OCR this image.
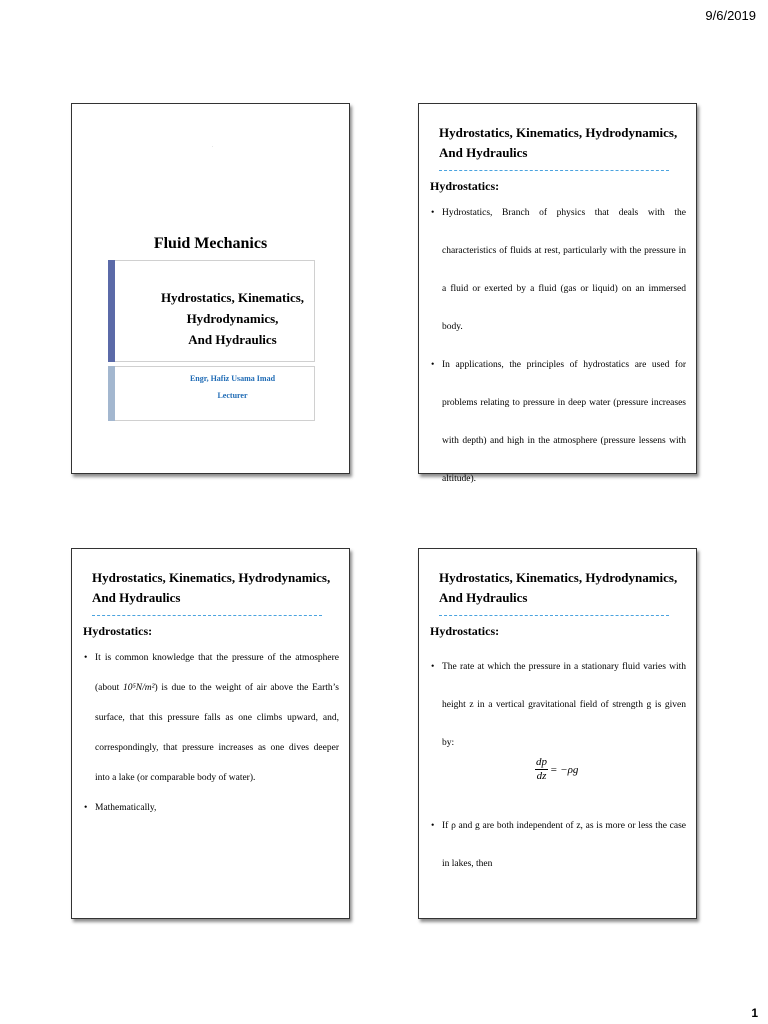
9/6/2019
·
Fluid Mechanics
Hydrostatics, Kinematics,
Hydrodynamics,
And Hydraulics
Engr, Hafiz Usama Imad
Lecturer
Hydrostatics, Kinematics, Hydrodynamics,
And Hydraulics
Hydrostatics:
• Hydrostatics, Branch of physics that deals with the characteristics of fluids at rest, particularly with the pressure in a fluid or exerted by a fluid (gas or liquid) on an immersed body.
• In applications, the principles of hydrostatics are used for problems relating to pressure in deep water (pressure increases with depth) and high in the atmosphere (pressure lessens with altitude).
Hydrostatics, Kinematics, Hydrodynamics,
And Hydraulics
Hydrostatics:
• It is common knowledge that the pressure of the atmosphere (about 10⁵N/m²) is due to the weight of air above the Earth’s surface, that this pressure falls as one climbs upward, and, correspondingly, that pressure increases as one dives deeper into a lake (or comparable body of water).
• Mathematically,
Hydrostatics, Kinematics, Hydrodynamics,
And Hydraulics
Hydrostatics:
• The rate at which the pressure in a stationary fluid varies with height z in a vertical gravitational field of strength g is given by:
$\frac{dp}{dz} = -\rho g$
• If ρ and g are both independent of z, as is more or less the case in lakes, then
1
